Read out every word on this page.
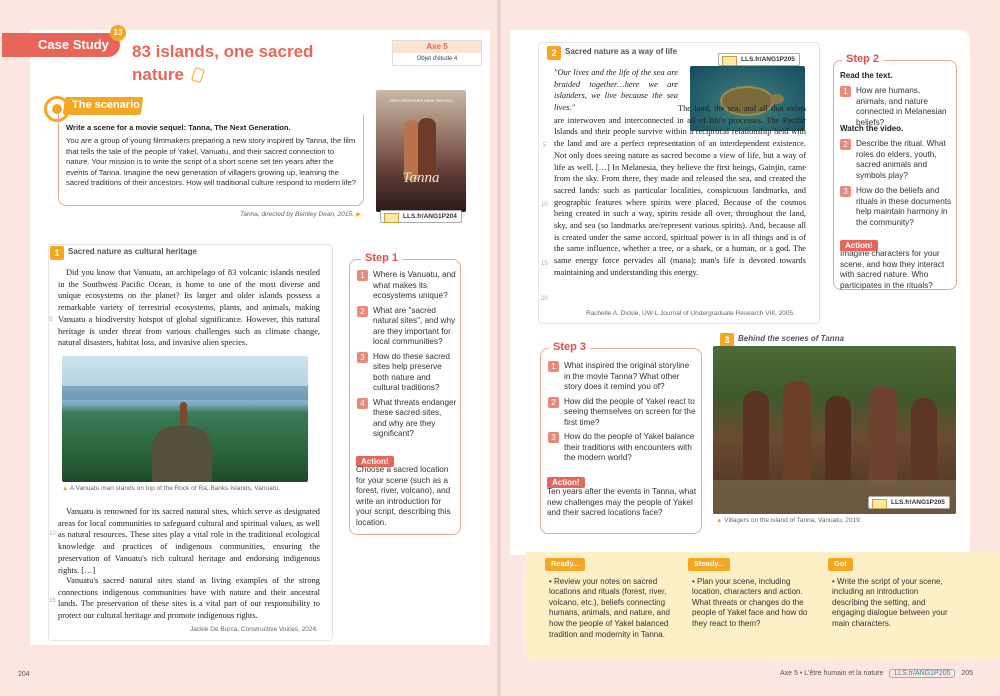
Case Study
13
83 islands, one sacred nature
Axe 5
Objet d'étude 4
The scenario
Write a scene for a movie sequel: Tanna, The Next Generation.
You are a group of young filmmakers preparing a new story inspired by Tanna, the film that tells the tale of the people of Yakel, Vanuatu, and their sacred connection to nature. Your mission is to write the script of a short scene set ten years after the events of Tanna. Imagine the new generation of villagers growing up, learning the sacred traditions of their ancestors. How will traditional culture respond to modern life?
TRES PERSONES ABRIL REVOLU
Tanna
Tanna, directed by Bentley Dean, 2015. ▶	LLS.fr/ANG1P204
1	Sacred nature as cultural heritage
Did you know that Vanuatu, an archipelago of 83 volcanic islands nestled in the Southwest Pacific Ocean, is home to one of the most diverse and unique ecosystems on the planet? Its larger and older islands possess a remarkable variety of terrestrial ecosystems, plants, and animals, making Vanuatu a biodiversity hotspot of global significance. However, this natural heritage is under threat from various challenges such as climate change, natural disasters, habitat loss, and invasive alien species.
5
▲ A Vanuatu man stands on top of the Rock of Ra, Banks Islands, Vanuatu.
Vanuatu is renowned for its sacred natural sites, which serve as designated areas for local communities to safeguard cultural and spiritual values, as well as natural resources. These sites play a vital role in the traditional ecological knowledge and practices of indigenous communities, ensuring the preservation of Vanuatu's rich cultural heritage and endorsing indigenous rights. […]
10
Vanuatu's sacred natural sites stand as living examples of the strong connections indigenous communities have with nature and their ancestral lands. The preservation of these sites is a vital part of our responsibility to protect our cultural heritage and promote indigenous rights.
15
Jackie De Burca, Constructive Voices, 2024.
Step 1
1	Where is Vanuatu, and what makes its ecosystems unique?
2	What are "sacred natural sites", and why are they important for local communities?
3	How do these sacred sites help preserve both nature and cultural traditions?
4	What threats endanger these sacred sites, and why are they significant?
Action!
Choose a sacred location for your scene (such as a forest, river, volcano), and write an introduction for your script, describing this location.
204
2	Sacred nature as a way of life
LLS.fr/ANG1P205
"Our lives and the life of the sea are braided together…here we are islanders, we live because the sea lives."	The land, the sea, and all that exists are interwoven and interconnected in all of life's processes. The Pacific Islands and their people survive within a reciprocal relationship held with the land and are a perfect representation of an interdependent existence. Not only does seeing nature as sacred become a view of life, but a way of life as well. […] In Melanesia, they believe the first beings, Gainjin, came from the sky. From there, they made and released the sea, and created the sacred lands: such as particular localities, conspicuous landmarks, and geographic features where spirits were placed. Because of the cosmos being created in such a way, spirits reside all over, throughout the land, sky, and sea (so landmarks are/represent various spirits). And, because all is created under the same accord, spiritual power is in all things and is of the same influence, whether a tree, or a shark, or a human, or a god. The same energy force pervades all (mana); man's life is devoted towards maintaining and understanding this energy.
5
10
15
20
Rachelle A. Dickie, UW-L Journal of Undergraduate Research VIII, 2005.
Step 2
Read the text.
1	How are humans, animals, and nature connected in Melanesian beliefs?
Watch the video.
2	Describe the ritual. What roles do elders, youth, sacred animals and symbols play?
3	How do the beliefs and rituals in these documents help maintain harmony in the community?
Action!
Imagine characters for your scene, and how they interact with sacred nature. Who participates in the rituals?
Step 3
1	What inspired the original storyline in the movie Tanna? What other story does it remind you of?
2	How did the people of Yakel react to seeing themselves on screen for the first time?
3	How do the people of Yakel balance their traditions with encounters with the modern world?
Action!
Ten years after the events in Tanna, what new challenges may the people of Yakel and their sacred locations face?
3	Behind the scenes of Tanna
LLS.fr/ANG1P205
▲ Villagers on the island of Tanna, Vanuatu, 2019.
Ready...
• Review your notes on sacred locations and rituals (forest, river, volcano, etc.), beliefs connecting humans, animals, and nature, and how the people of Yakel balanced tradition and modernity in Tanna.
Steady...
• Plan your scene, including location, characters and action. What threats or changes do the people of Yakel face and how do they react to them?
Go!
• Write the script of your scene, including an introduction describing the setting, and engaging dialogue between your main characters.
Axe 5 • L'être humain et la nature LLS.fr/ANG1P205 205
